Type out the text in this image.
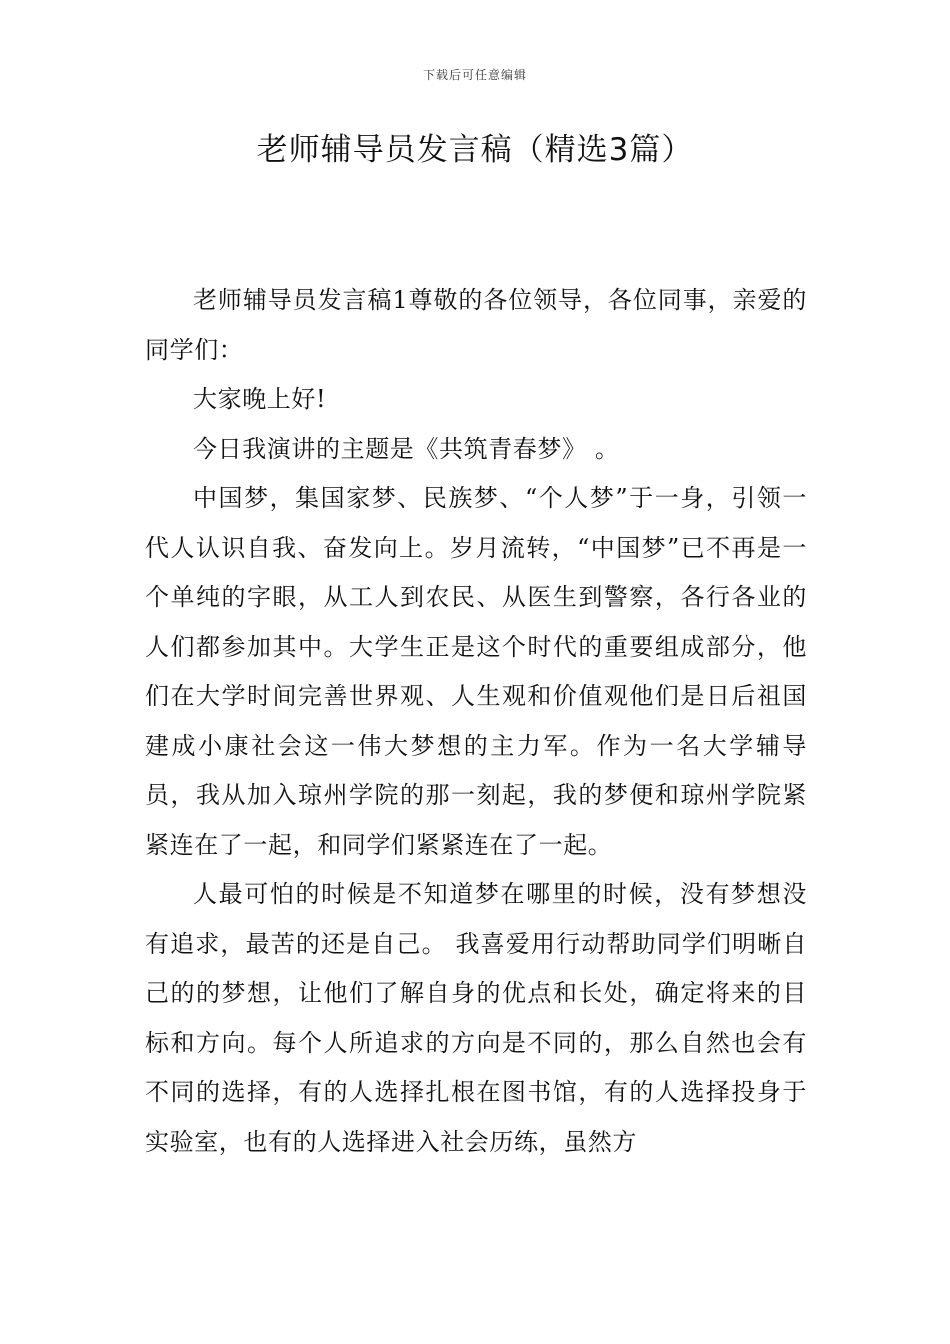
下载后可任意编辑
老师辅导员发言稿（精选3篇）

老师辅导员发言稿1尊敬的各位领导，各位同事，亲爱的同学们：

大家晚上好!

今日我演讲的主题是《共筑青春梦》 。

中国梦，集国家梦、民族梦、“个人梦”于一身，引领一代人认识自我、奋发向上。岁月流转，“中国梦”已不再是一个单纯的字眼，从工人到农民、从医生到警察，各行各业的人们都参加其中。大学生正是这个时代的重要组成部分，他们在大学时间完善世界观、人生观和价值观他们是日后祖国建成小康社会这一伟大梦想的主力军。作为一名大学辅导员，我从加入琼州学院的那一刻起，我的梦便和琼州学院紧紧连在了一起，和同学们紧紧连在了一起。

人最可怕的时候是不知道梦在哪里的时候，没有梦想没有追求，最苦的还是自己。 我喜爱用行动帮助同学们明晰自己的的梦想，让他们了解自身的优点和长处，确定将来的目标和方向。每个人所追求的方向是不同的，那么自然也会有不同的选择，有的人选择扎根在图书馆，有的人选择投身于实验室，也有的人选择进入社会历练，虽然方
